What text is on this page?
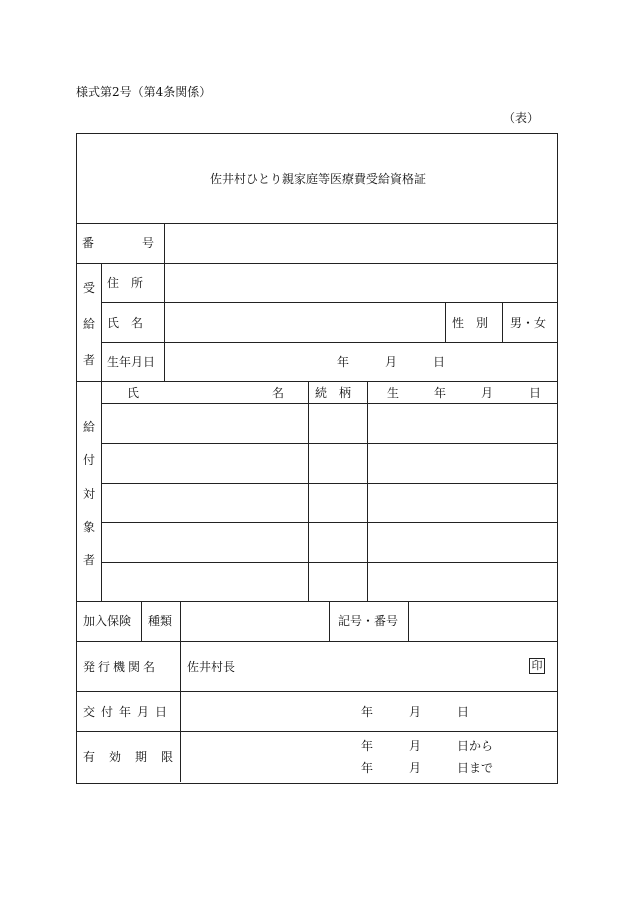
様式第2号（第4条関係）
（表）
佐井村ひとり親家庭等医療費受給資格証
番　　　　号
受
給
者
住　所
氏　名	性　別 男・女
生年月日	年	月	日
給
付
対
象
者
氏	名	続　柄	生	年	月	日
加入保険 種類	記号・番号
発行機関名 佐井村長	印
交付年月日	年	月	日
有効期限
年	月	日から
年	月	日まで
